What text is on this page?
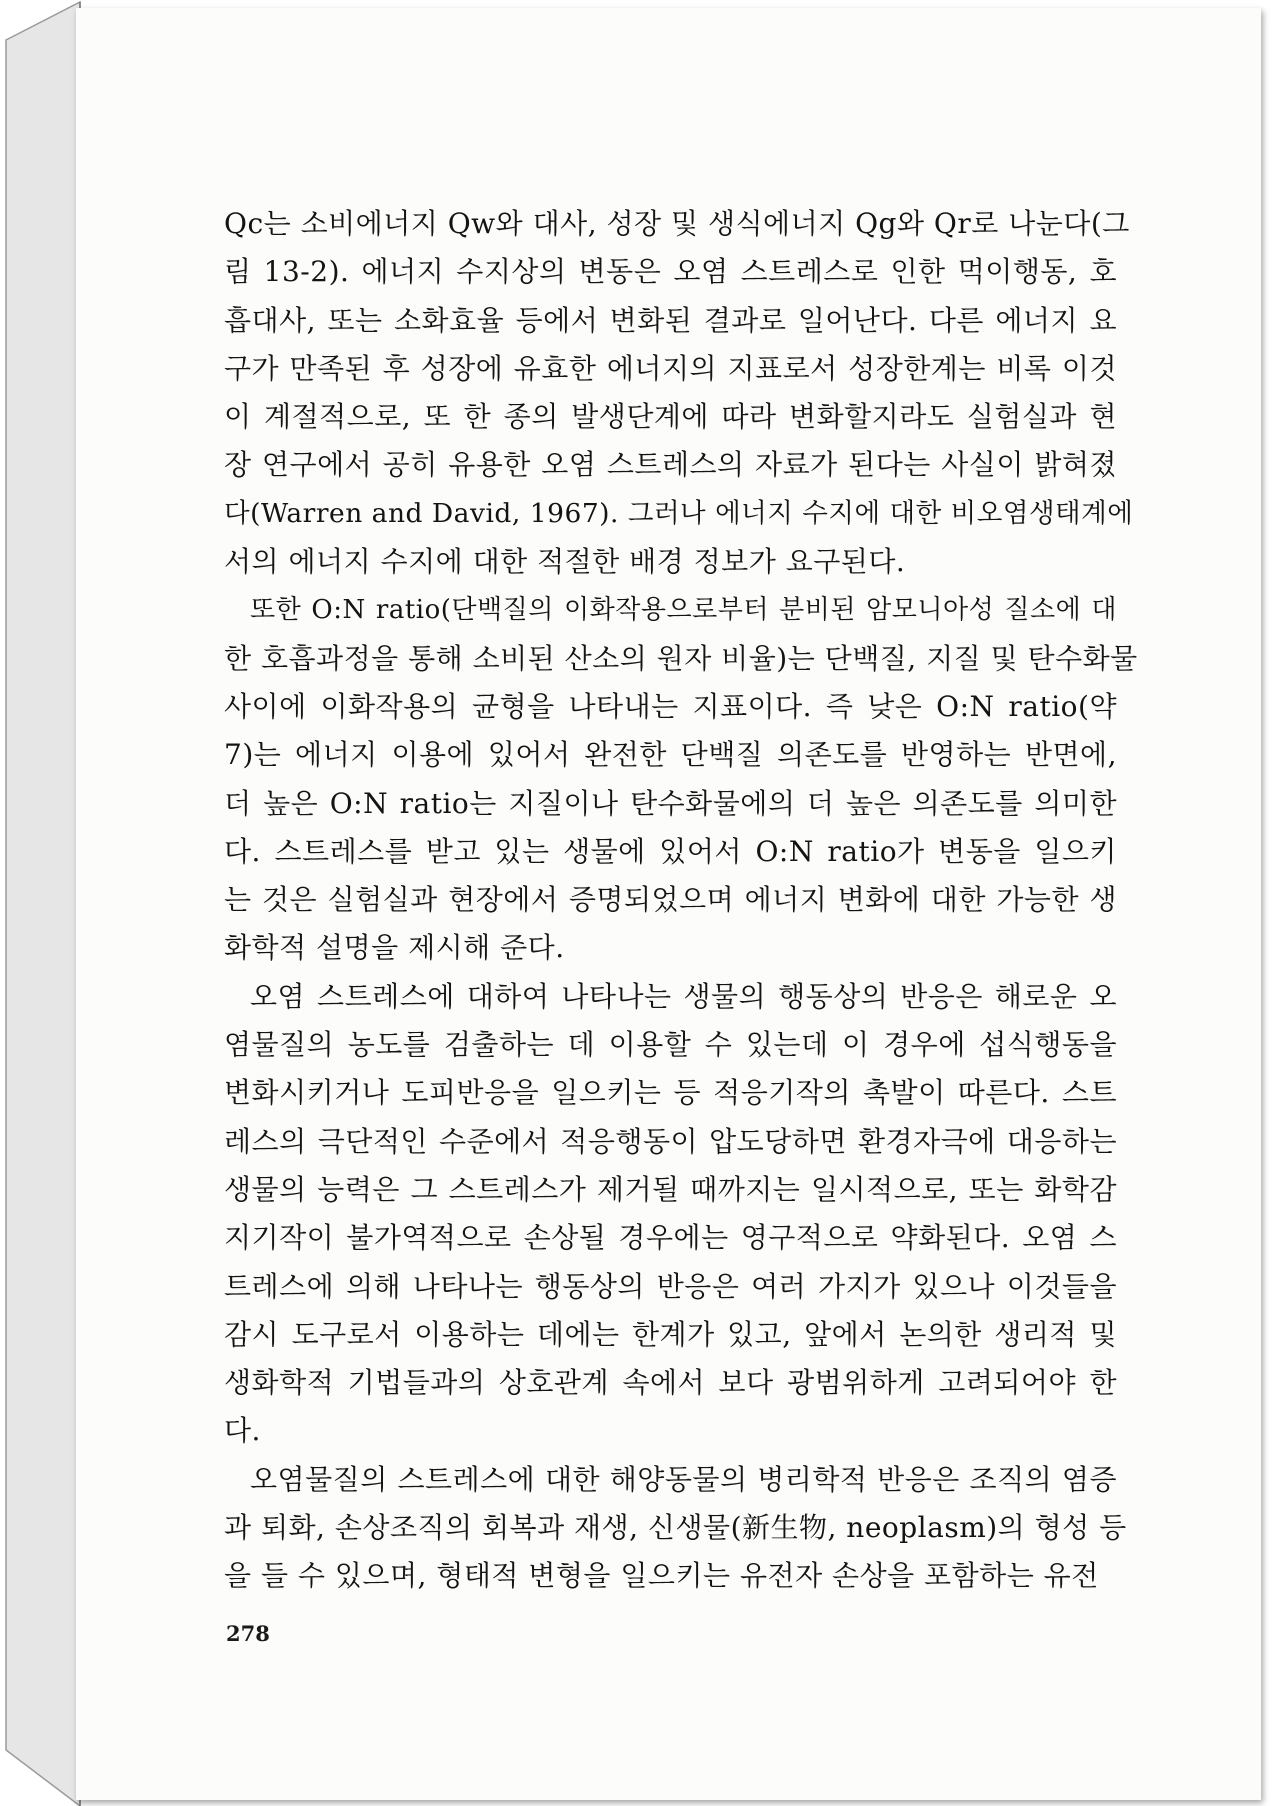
Qc는 소비에너지 Qw와 대사, 성장 및 생식에너지 Qg와 Qr로 나눈다(그
림 13-2). 에너지 수지상의 변동은 오염 스트레스로 인한 먹이행동, 호
흡대사, 또는 소화효율 등에서 변화된 결과로 일어난다. 다른 에너지 요
구가 만족된 후 성장에 유효한 에너지의 지표로서 성장한계는 비록 이것
이 계절적으로, 또 한 종의 발생단계에 따라 변화할지라도 실험실과 현
장 연구에서 공히 유용한 오염 스트레스의 자료가 된다는 사실이 밝혀졌
다(Warren and David, 1967). 그러나 에너지 수지에 대한 비오염생태계에
서의 에너지 수지에 대한 적절한 배경 정보가 요구된다.
또한 O:N ratio(단백질의 이화작용으로부터 분비된 암모니아성 질소에 대
한 호흡과정을 통해 소비된 산소의 원자 비율)는 단백질, 지질 및 탄수화물
사이에 이화작용의 균형을 나타내는 지표이다. 즉 낮은 O:N ratio(약
7)는 에너지 이용에 있어서 완전한 단백질 의존도를 반영하는 반면에,
더 높은 O:N ratio는 지질이나 탄수화물에의 더 높은 의존도를 의미한
다. 스트레스를 받고 있는 생물에 있어서 O:N ratio가 변동을 일으키
는 것은 실험실과 현장에서 증명되었으며 에너지 변화에 대한 가능한 생
화학적 설명을 제시해 준다.
오염 스트레스에 대하여 나타나는 생물의 행동상의 반응은 해로운 오
염물질의 농도를 검출하는 데 이용할 수 있는데 이 경우에 섭식행동을
변화시키거나 도피반응을 일으키는 등 적응기작의 촉발이 따른다. 스트
레스의 극단적인 수준에서 적응행동이 압도당하면 환경자극에 대응하는
생물의 능력은 그 스트레스가 제거될 때까지는 일시적으로, 또는 화학감
지기작이 불가역적으로 손상될 경우에는 영구적으로 약화된다. 오염 스
트레스에 의해 나타나는 행동상의 반응은 여러 가지가 있으나 이것들을
감시 도구로서 이용하는 데에는 한계가 있고, 앞에서 논의한 생리적 및
생화학적 기법들과의 상호관계 속에서 보다 광범위하게 고려되어야 한
다.
오염물질의 스트레스에 대한 해양동물의 병리학적 반응은 조직의 염증
과 퇴화, 손상조직의 회복과 재생, 신생물(新生物, neoplasm)의 형성 등
을 들 수 있으며, 형태적 변형을 일으키는 유전자 손상을 포함하는 유전
278
